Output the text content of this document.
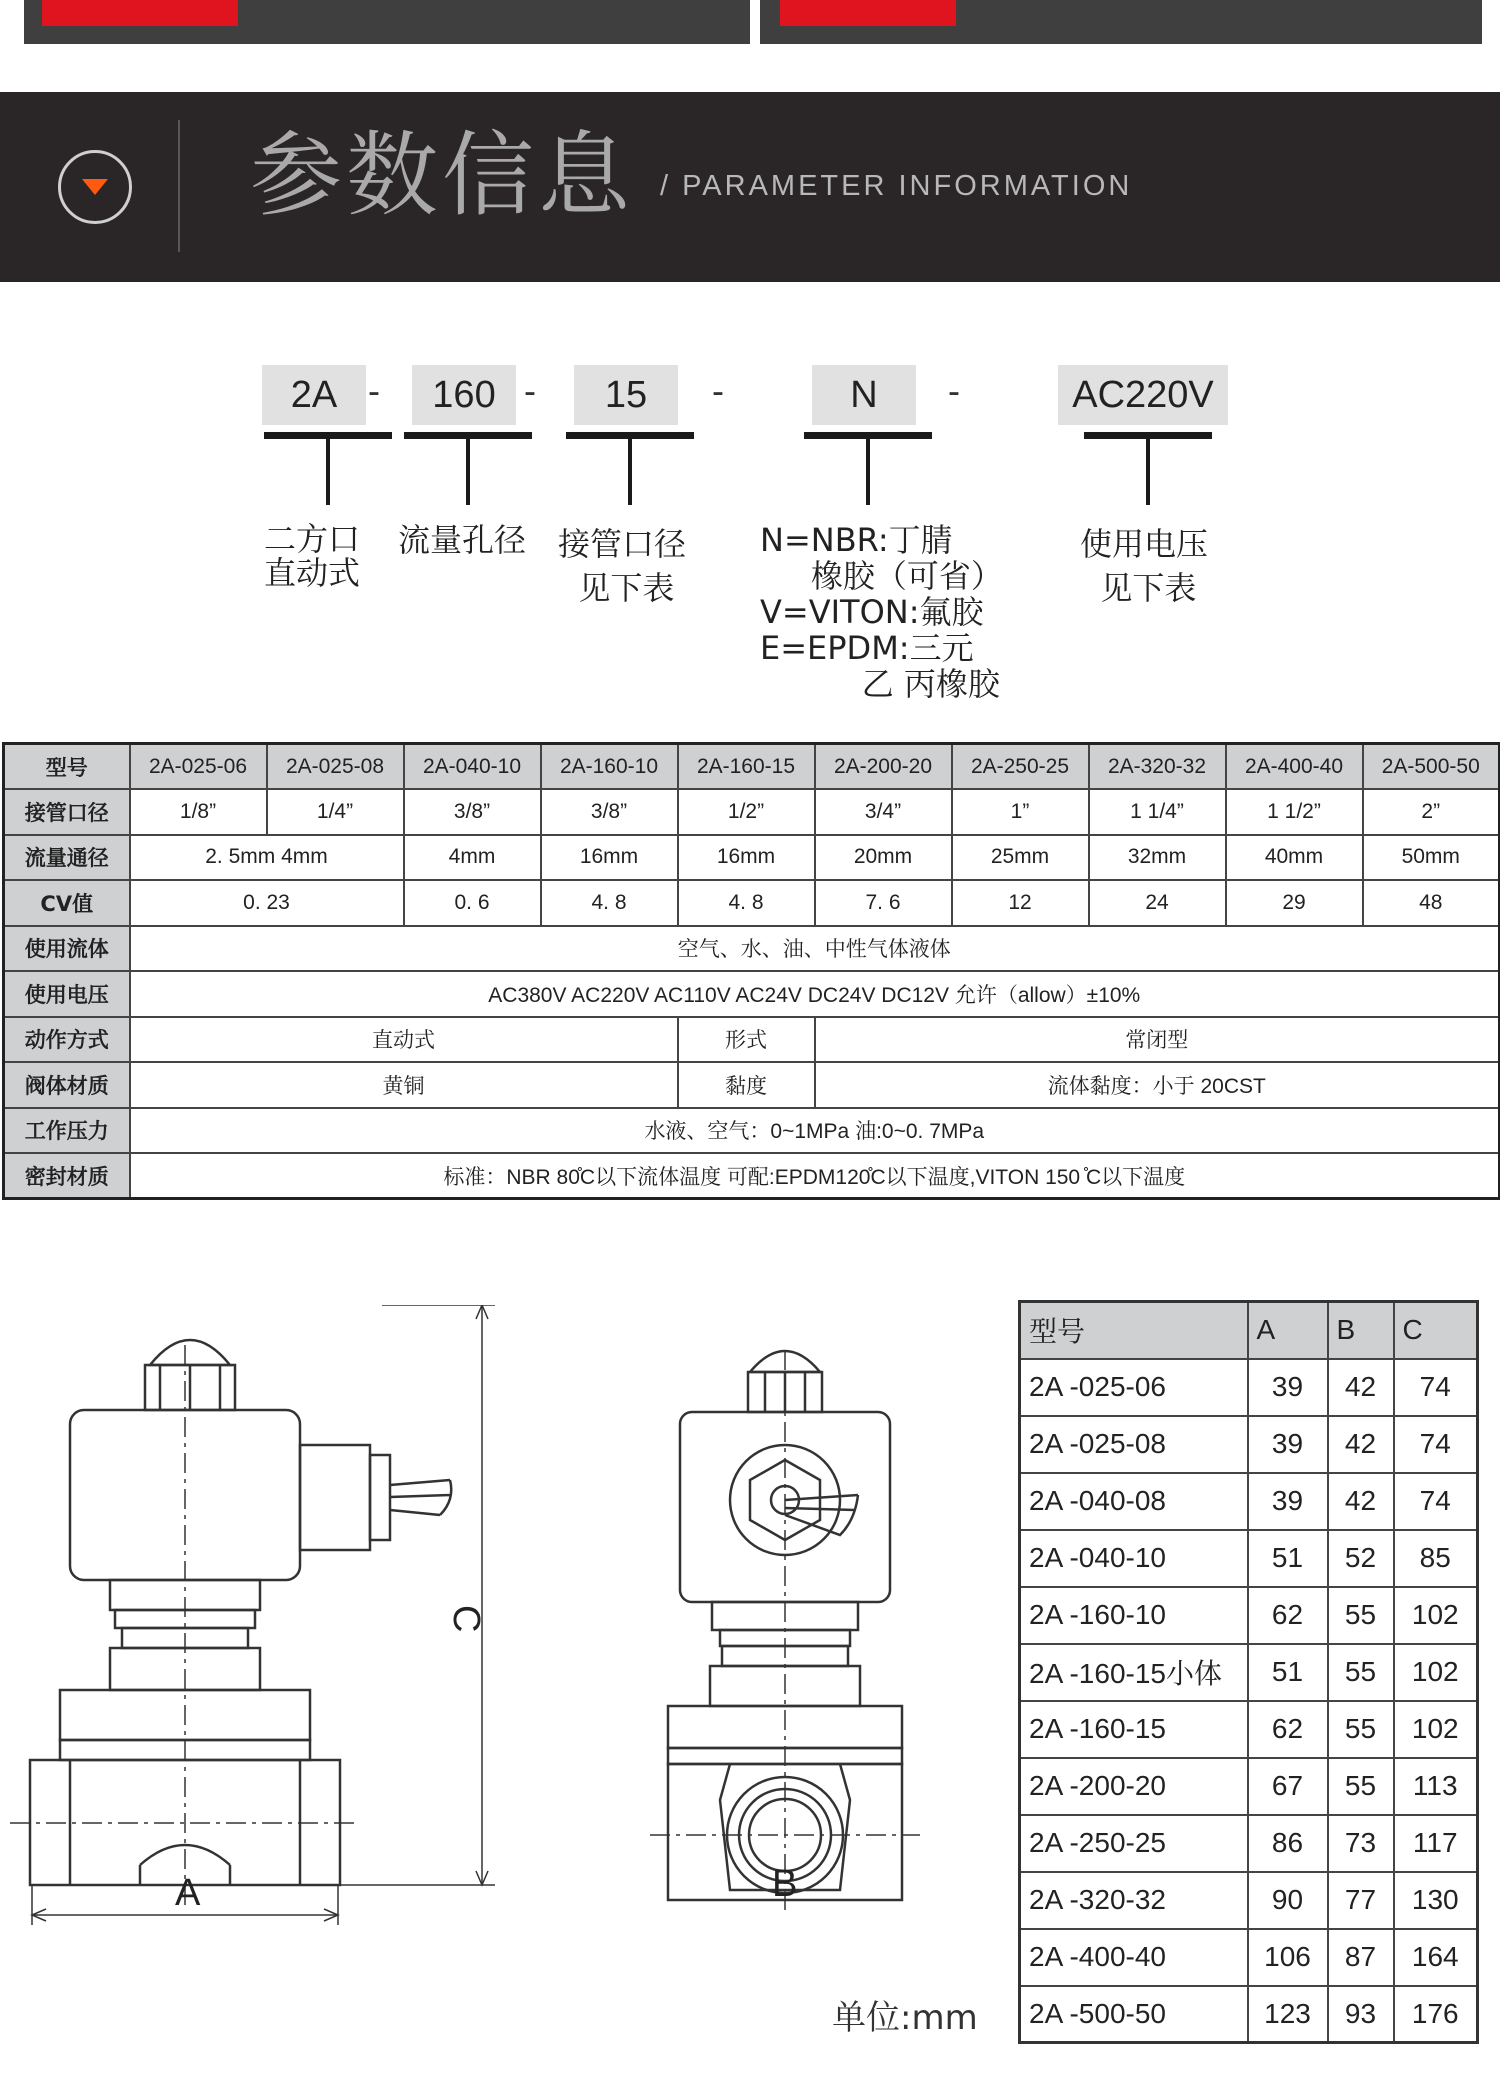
参数信息 / PARAMETER INFORMATION
2A -	160 -	15	-	N	-	AC220V
二方口
直动式
流量孔径 接管口径
见下表
N=NBR:丁腈
橡胶（可省）
V=VITON:氟胶
E=EPDM:三元
乙 丙橡胶
使用电压
见下表
型号	2A-025-06	2A-025-08	2A-040-10	2A-160-10	2A-160-15	2A-200-20	2A-250-25	2A-320-32	2A-400-40	2A-500-50
接管口径	1/8”	1/4”	3/8”	3/8”	1/2”	3/4”	1”	1 1/4”	1 1/2”	2”
流量通径	2. 5mm 4mm		4mm	16mm	16mm	20mm	25mm	32mm	40mm	50mm
CV值	0. 23		0. 6	4. 8	4. 8	7. 6	12	24	29	48
使用流体	空气、水、油、中性气体液体									
使用电压	AC380V AC220V AC110V AC24V DC24V DC12V 允许（allow）±10%									
动作方式	直动式				形式	常闭型				
阀体材质	黄铜				黏度	流体黏度：小于 20CST				
工作压力	水液、空气：0~1MPa 油:0~0. 7MPa									
密封材质	标准：NBR 80̊C以下流体温度 可配:EPDM120̊C以下温度,VITON 150 ̊C以下温度									
A
C
B
型号	A	B	C
2A -025-06	39	42	74
2A -025-08	39	42	74
2A -040-08	39	42	74
2A -040-10	51	52	85
2A -160-10	62	55	102
2A -160-15小体	51	55	102
2A -160-15	62	55	102
2A -200-20	67	55	113
2A -250-25	86	73	117
2A -320-32	90	77	130
2A -400-40	106	87	164
2A -500-50	123	93	176
单位:mm
